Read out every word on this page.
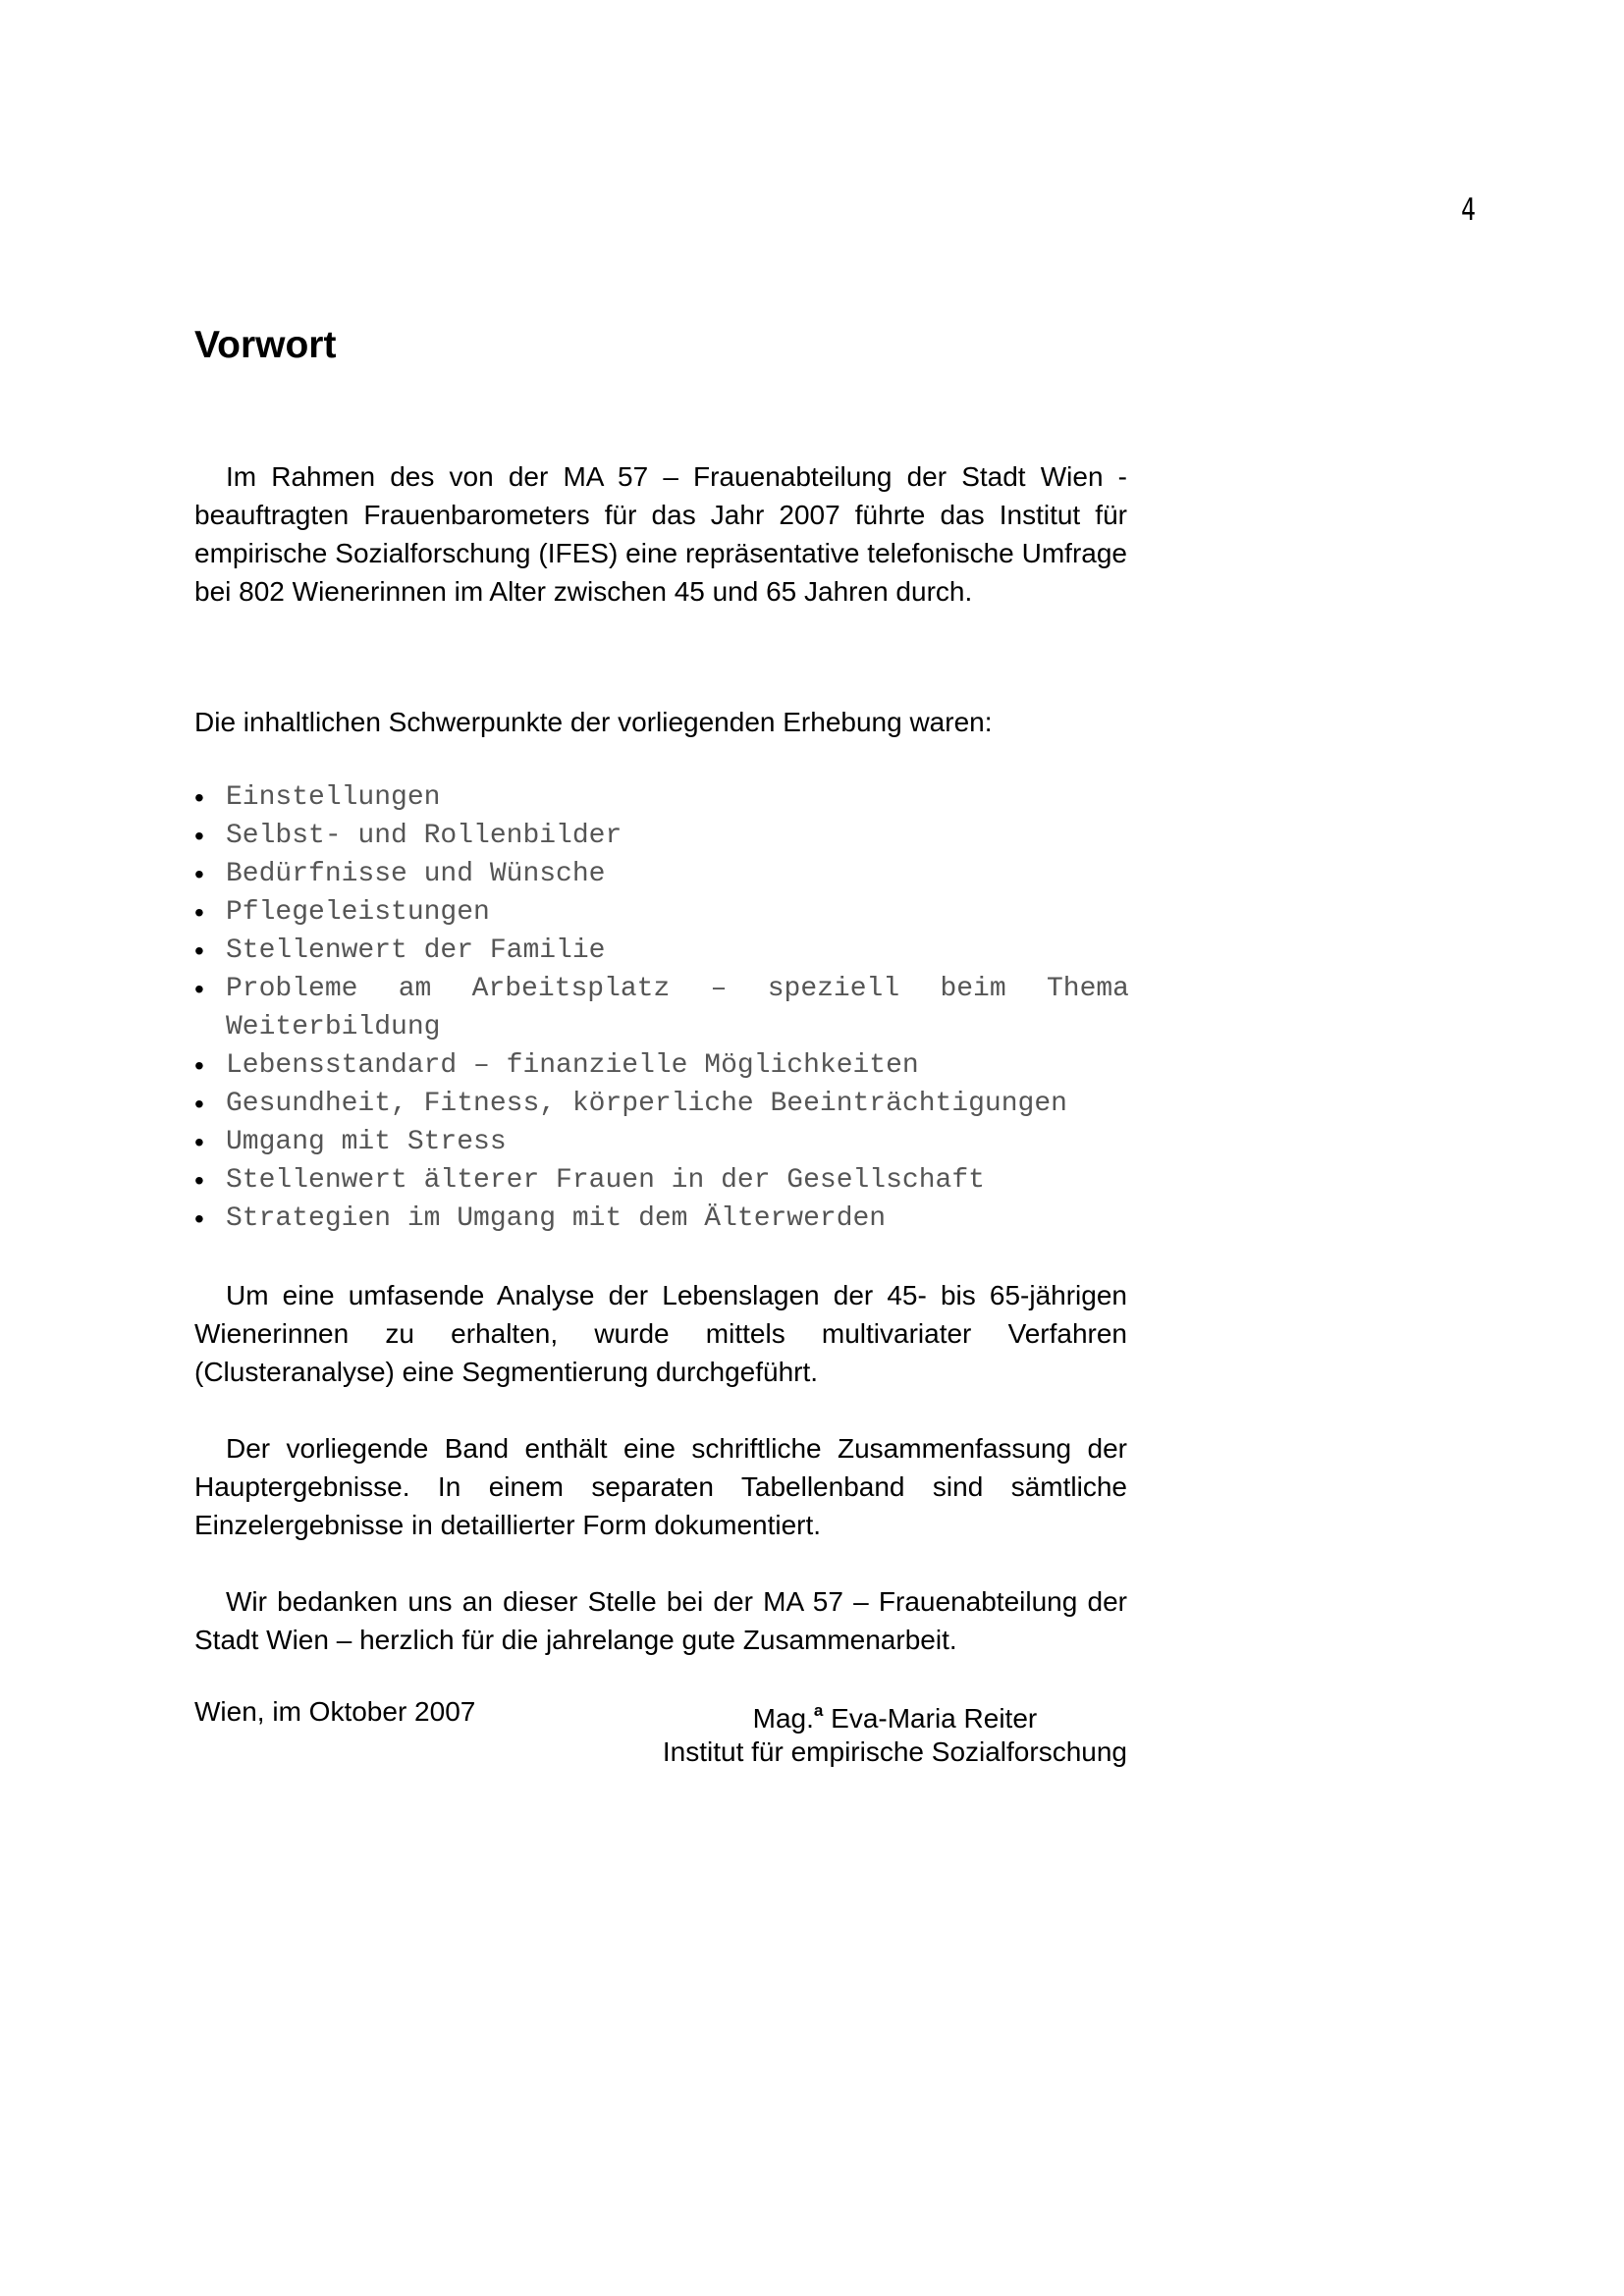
4
Vorwort

Im Rahmen des von der MA 57 – Frauenabteilung der Stadt Wien -beauftragten Frauenbarometers für das Jahr 2007 führte das Institut für empirische Sozialforschung (IFES) eine repräsentative telefonische Umfrage bei 802 Wienerinnen im Alter zwischen 45 und 65 Jahren durch.

Die inhaltlichen Schwerpunkte der vorliegenden Erhebung waren:

• Einstellungen
• Selbst- und Rollenbilder
• Bedürfnisse und Wünsche
• Pflegeleistungen
• Stellenwert der Familie
• Probleme am Arbeitsplatz – speziell beim Thema Weiterbildung
• Lebensstandard – finanzielle Möglichkeiten
• Gesundheit, Fitness, körperliche Beeinträchtigungen
• Umgang mit Stress
• Stellenwert älterer Frauen in der Gesellschaft
• Strategien im Umgang mit dem Älterwerden

Um eine umfasende Analyse der Lebenslagen der 45- bis 65-jährigen Wienerinnen zu erhalten, wurde mittels multivariater Verfahren (Clusteranalyse) eine Segmentierung durchgeführt.

Der vorliegende Band enthält eine schriftliche Zusammenfassung der Hauptergebnisse. In einem separaten Tabellenband sind sämtliche Einzelergebnisse in detaillierter Form dokumentiert.

Wir bedanken uns an dieser Stelle bei der MA 57 – Frauenabteilung der Stadt Wien – herzlich für die jahrelange gute Zusammenarbeit.

Wien, im Oktober 2007	Mag.$^a$ Eva-Maria Reiter
Institut für empirische Sozialforschung
